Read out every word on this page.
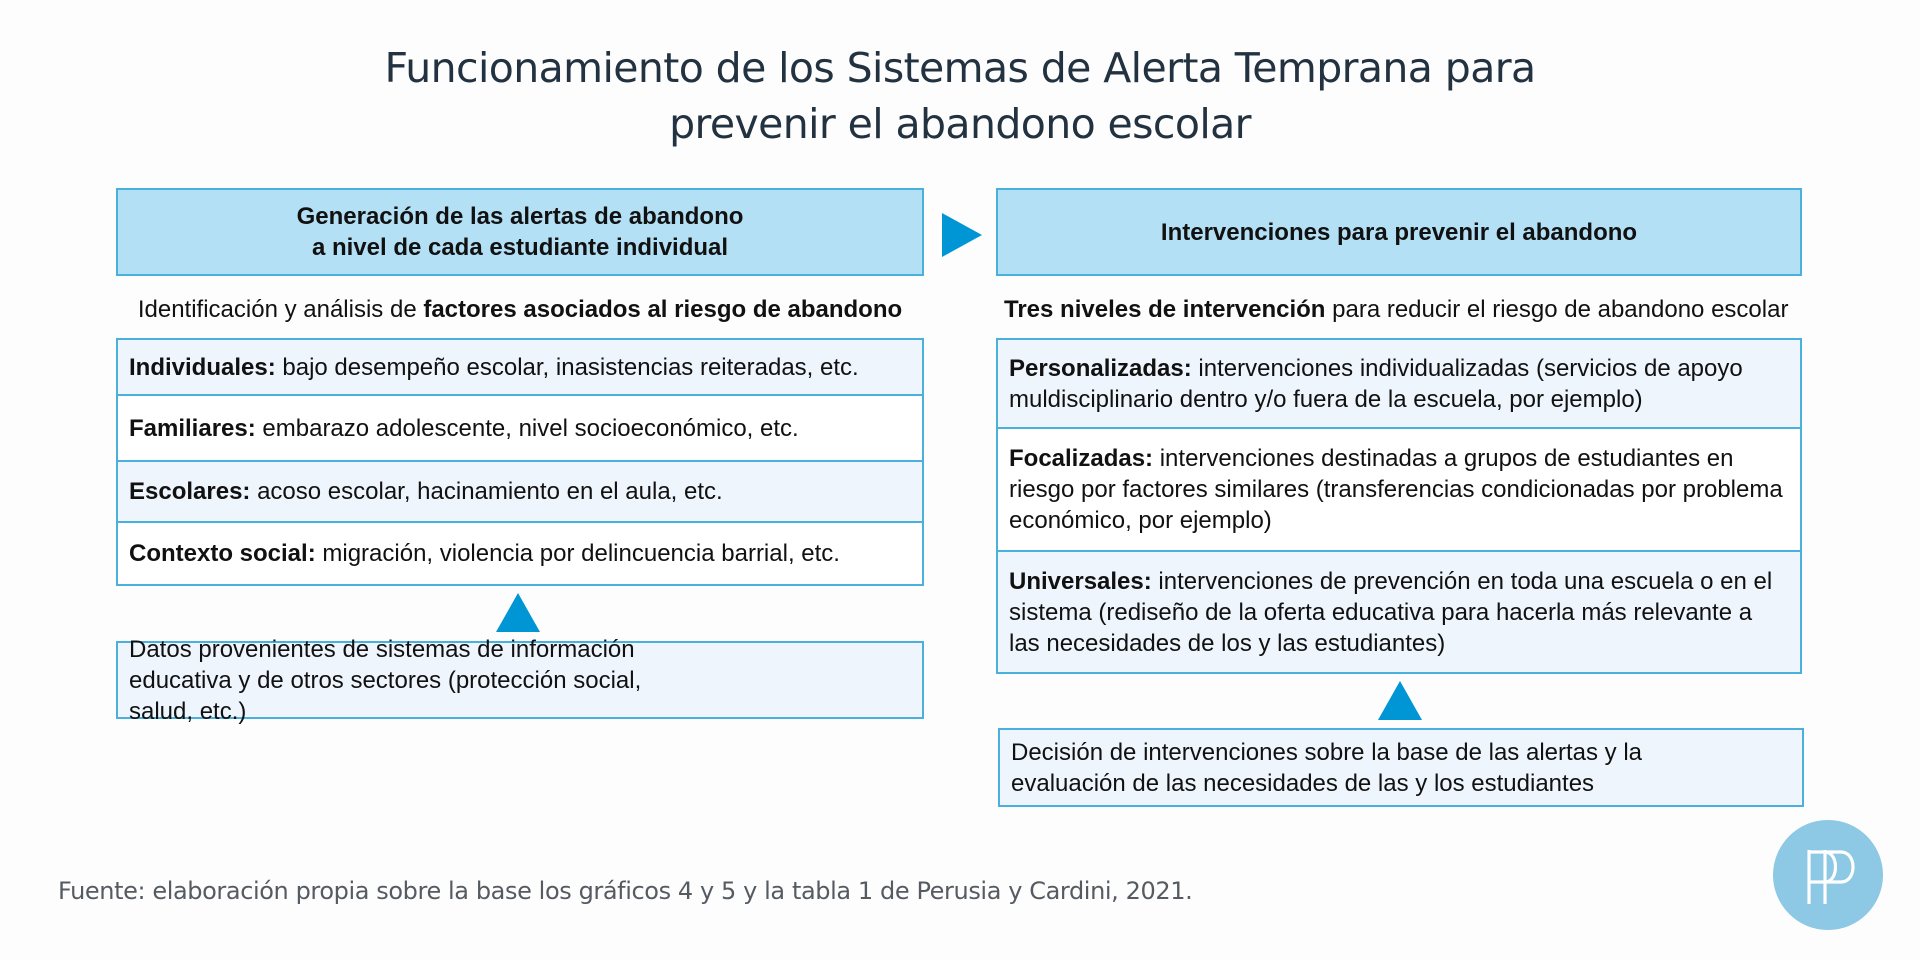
Funcionamiento de los Sistemas de Alerta Temprana para
prevenir el abandono escolar
Generación de las alertas de abandono
a nivel de cada estudiante individual
Intervenciones para prevenir el abandono
Identificación y análisis de factores asociados al riesgo de abandono	Tres niveles de intervención para reducir el riesgo de abandono escolar
Individuales: bajo desempeño escolar, inasistencias reiteradas, etc.
Familiares: embarazo adolescente, nivel socioeconómico, etc.
Escolares: acoso escolar, hacinamiento en el aula, etc.
Contexto social: migración, violencia por delincuencia barrial, etc.
Datos provenientes de sistemas de información educativa y de otros sectores (protección social, salud, etc.)
Personalizadas: intervenciones individualizadas (servicios de apoyo muldisciplinario dentro y/o fuera de la escuela, por ejemplo)
Focalizadas: intervenciones destinadas a grupos de estudiantes en riesgo por factores similares (transferencias condicionadas por problema económico, por ejemplo)
Universales: intervenciones de prevención en toda una escuela o en el sistema (rediseño de la oferta educativa para hacerla más relevante a las necesidades de los y las estudiantes)
Decisión de intervenciones sobre la base de las alertas y la evaluación de las necesidades de las y los estudiantes
Fuente: elaboración propia sobre la base los gráficos 4 y 5 y la tabla 1 de Perusia y Cardini, 2021.
